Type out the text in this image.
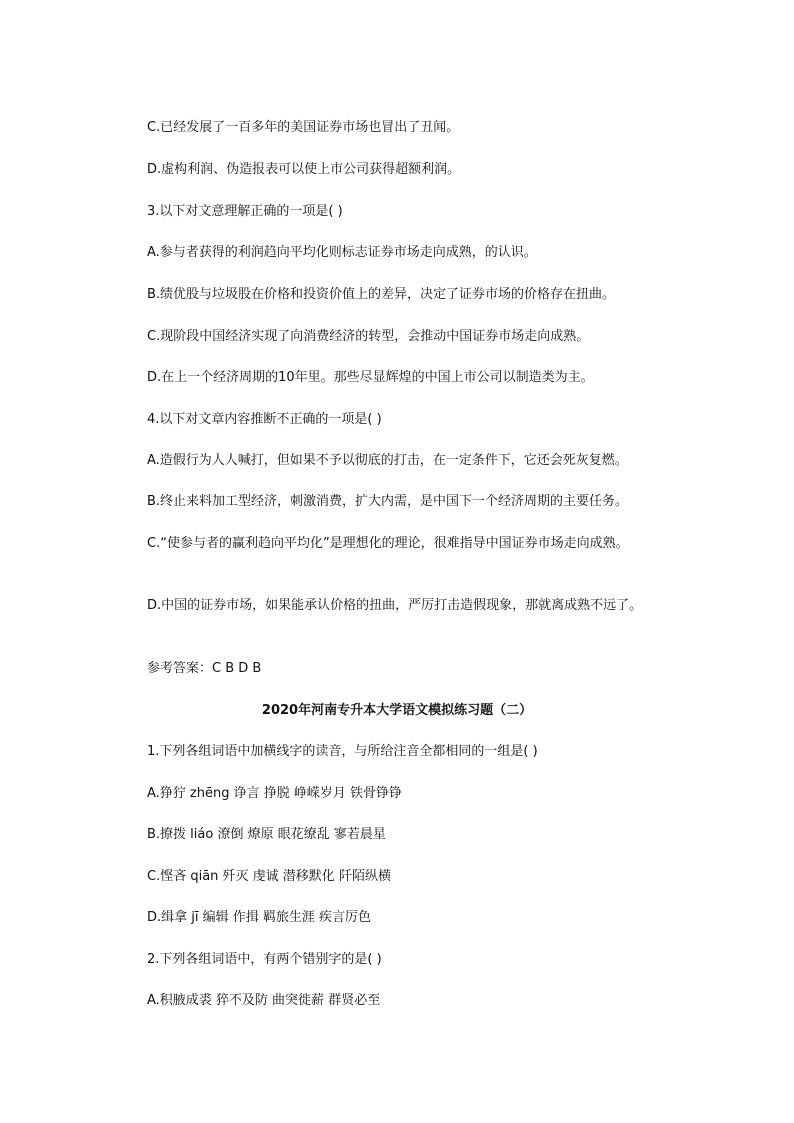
C.已经发展了一百多年的美国证券市场也冒出了丑闻。
D.虚构利润、伪造报表可以使上市公司获得超额利润。
3.以下对文意理解正确的一项是( )
A.参与者获得的利润趋向平均化则标志证券市场走向成熟，的认识。
B.绩优股与垃圾股在价格和投资价值上的差异，决定了证券市场的价格存在扭曲。
C.现阶段中国经济实现了向消费经济的转型，会推动中国证券市场走向成熟。
D.在上一个经济周期的10年里。那些尽显辉煌的中国上市公司以制造类为主。
4.以下对文章内容推断不正确的一项是( )
A.造假行为人人喊打，但如果不予以彻底的打击，在一定条件下，它还会死灰复燃。
B.终止来料加工型经济，刺激消费，扩大内需，是中国下一个经济周期的主要任务。
C.“使参与者的赢利趋向平均化”是理想化的理论，很难指导中国证券市场走向成熟。
D.中国的证券市场，如果能承认价格的扭曲，严厉打击造假现象，那就离成熟不远了。
参考答案：C B D B
2020年河南专升本大学语文模拟练习题（二）
1.下列各组词语中加横线字的读音，与所给注音全都相同的一组是( )
A.狰狞 zhēng 诤言 挣脱 峥嵘岁月 铁骨铮铮
B.撩拨 liáo 潦倒 燎原 眼花缭乱 寥若晨星
C.悭吝 qiān 歼灭 虔诚 潜移默化 阡陌纵横
D.缉拿 jī 编辑 作揖 羁旅生涯 疾言厉色
2.下列各组词语中，有两个错别字的是( )
A.积腋成裘 猝不及防 曲突徙薪 群贤必至
